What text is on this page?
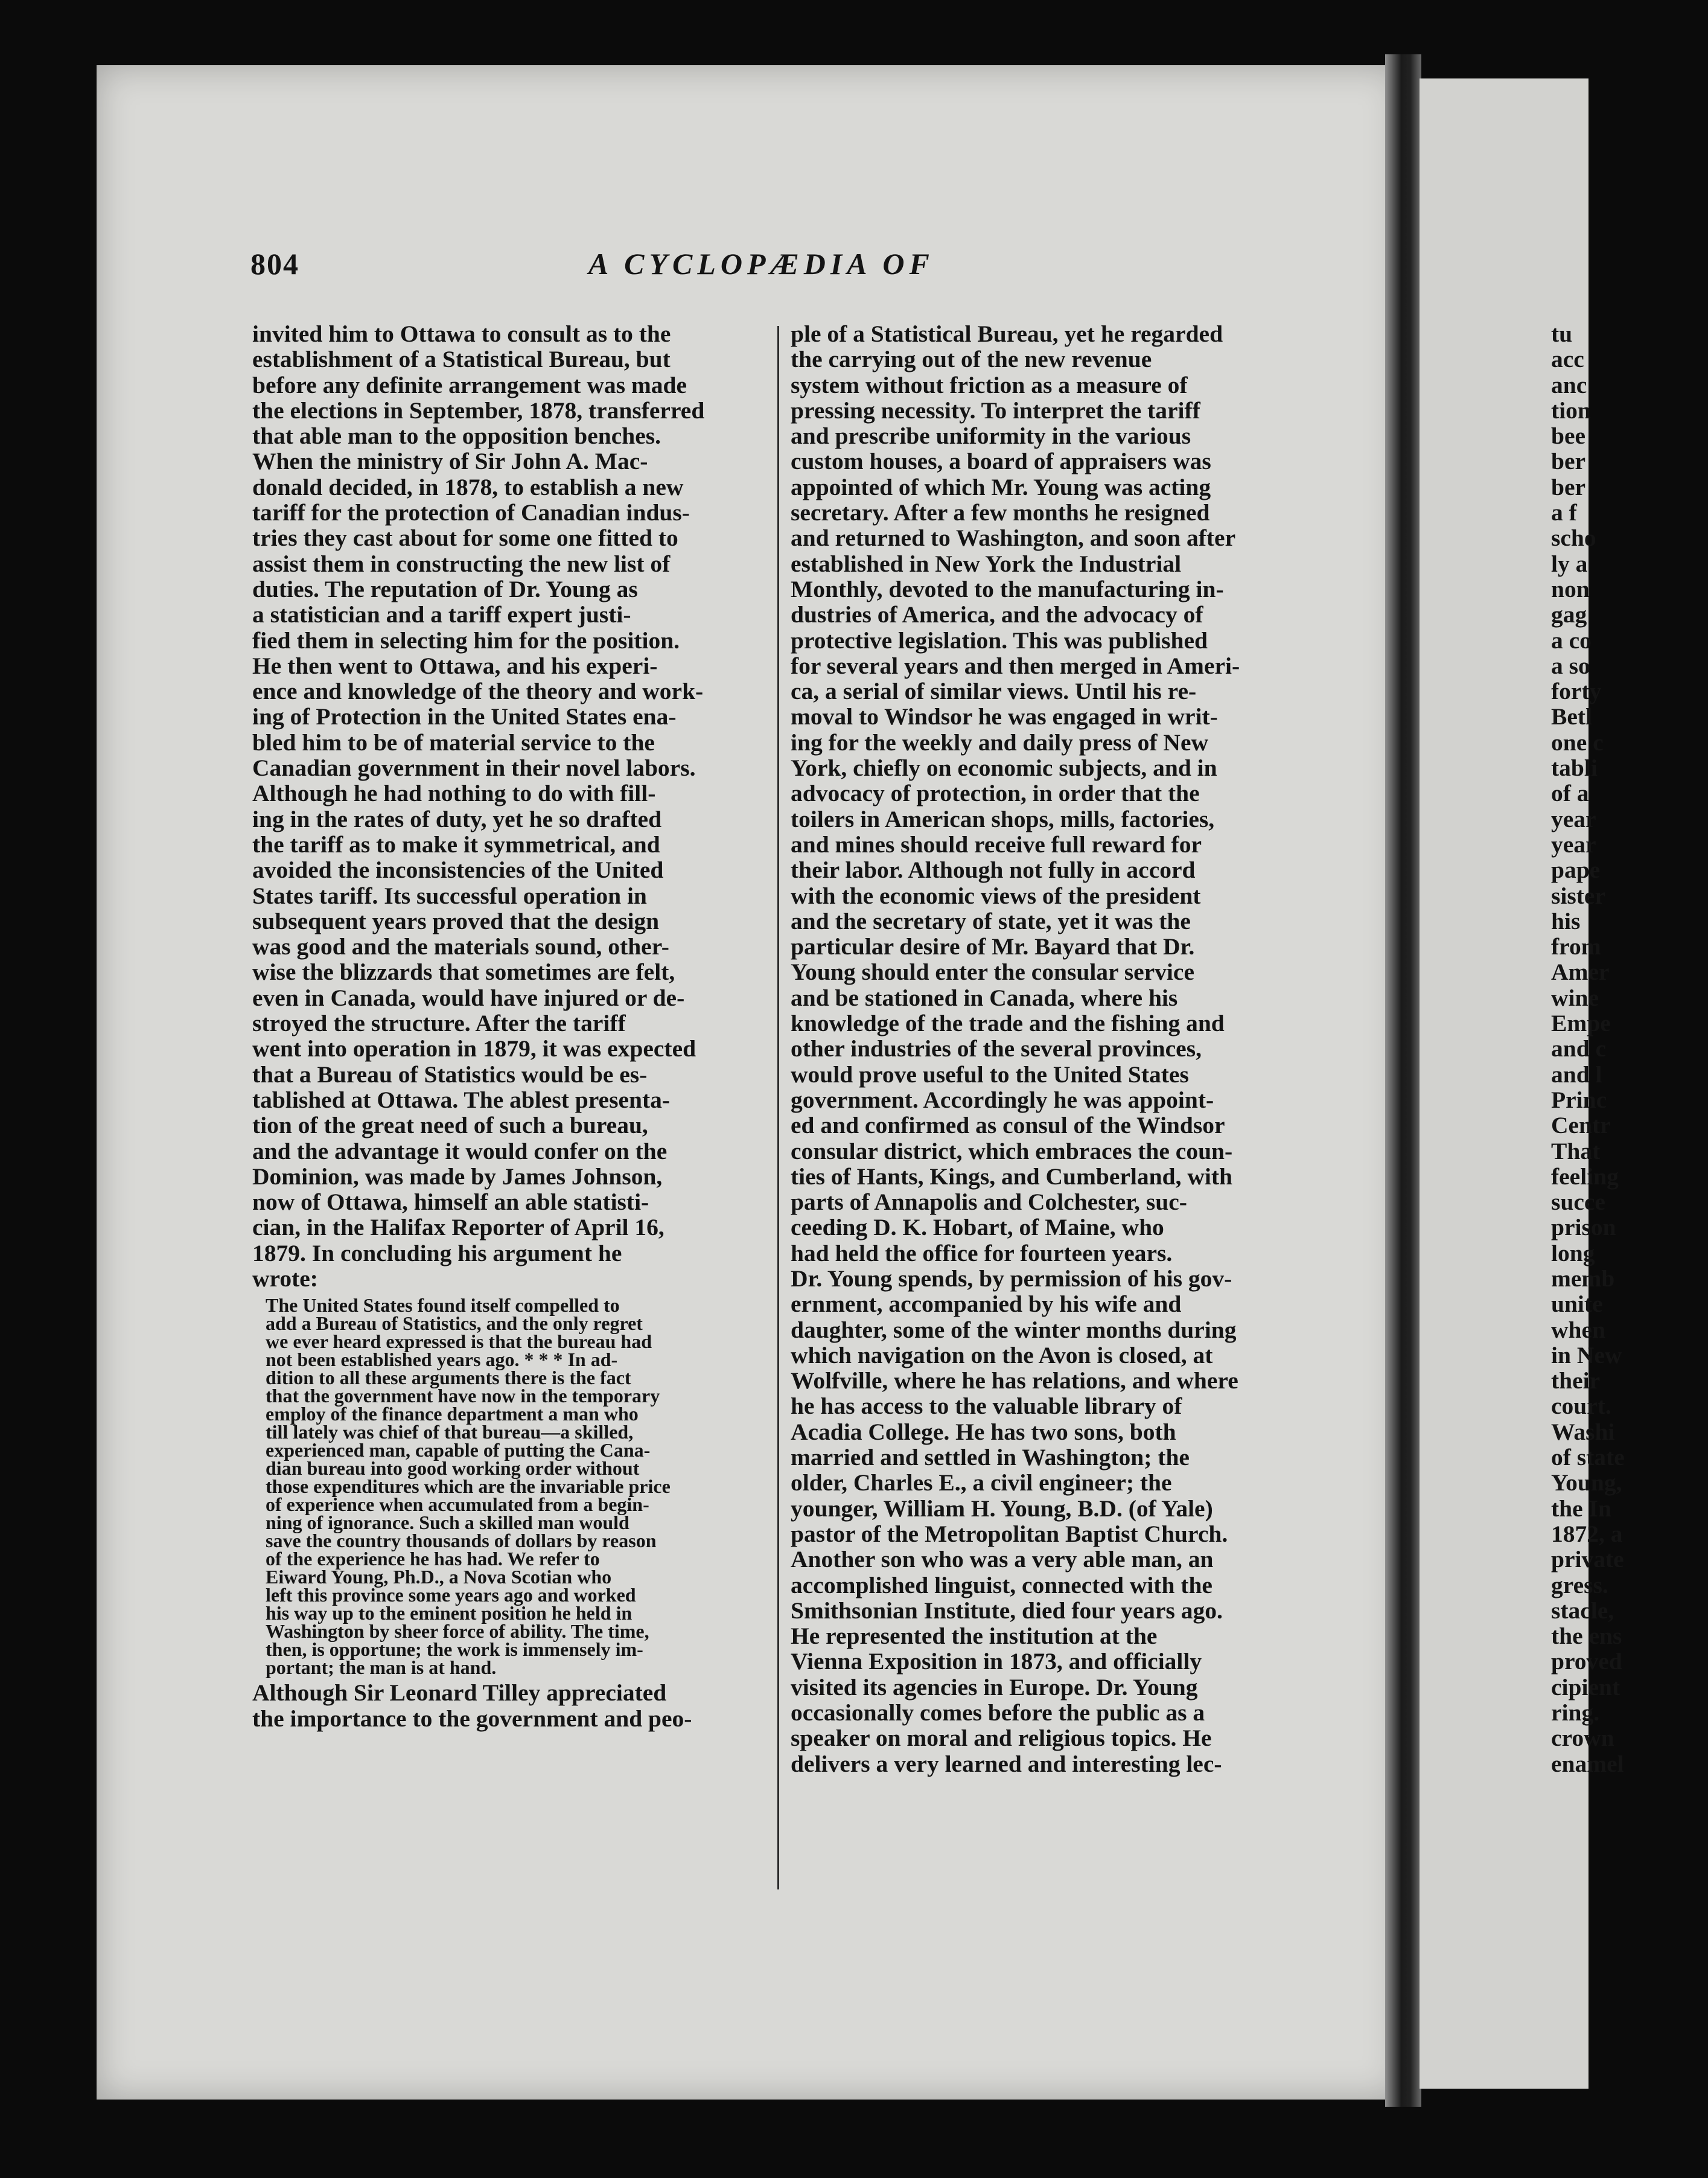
804	A CYCLOPÆDIA OF
invited him to Ottawa to consult as to the
establishment of a Statistical Bureau, but
before any definite arrangement was made
the elections in September, 1878, transferred
that able man to the opposition benches.
When the ministry of Sir John A. Mac-
donald decided, in 1878, to establish a new
tariff for the protection of Canadian indus-
tries they cast about for some one fitted to
assist them in constructing the new list of
duties. The reputation of Dr. Young as
a statistician and a tariff expert justi-
fied them in selecting him for the position.
He then went to Ottawa, and his experi-
ence and knowledge of the theory and work-
ing of Protection in the United States ena-
bled him to be of material service to the
Canadian government in their novel labors.
Although he had nothing to do with fill-
ing in the rates of duty, yet he so drafted
the tariff as to make it symmetrical, and
avoided the inconsistencies of the United
States tariff. Its successful operation in
subsequent years proved that the design
was good and the materials sound, other-
wise the blizzards that sometimes are felt,
even in Canada, would have injured or de-
stroyed the structure. After the tariff
went into operation in 1879, it was expected
that a Bureau of Statistics would be es-
tablished at Ottawa. The ablest presenta-
tion of the great need of such a bureau,
and the advantage it would confer on the
Dominion, was made by James Johnson,
now of Ottawa, himself an able statisti-
cian, in the Halifax Reporter of April 16,
1879. In concluding his argument he
wrote:
The United States found itself compelled to
add a Bureau of Statistics, and the only regret
we ever heard expressed is that the bureau had
not been established years ago. * * * In ad-
dition to all these arguments there is the fact
that the government have now in the temporary
employ of the finance department a man who
till lately was chief of that bureau—a skilled,
experienced man, capable of putting the Cana-
dian bureau into good working order without
those expenditures which are the invariable price
of experience when accumulated from a begin-
ning of ignorance. Such a skilled man would
save the country thousands of dollars by reason
of the experience he has had. We refer to
Eiward Young, Ph.D., a Nova Scotian who
left this province some years ago and worked
his way up to the eminent position he held in
Washington by sheer force of ability. The time,
then, is opportune; the work is immensely im-
portant; the man is at hand.
Although Sir Leonard Tilley appreciated
the importance to the government and peo-
ple of a Statistical Bureau, yet he regarded
the carrying out of the new revenue
system without friction as a measure of
pressing necessity. To interpret the tariff
and prescribe uniformity in the various
custom houses, a board of appraisers was
appointed of which Mr. Young was acting
secretary. After a few months he resigned
and returned to Washington, and soon after
established in New York the Industrial
Monthly, devoted to the manufacturing in-
dustries of America, and the advocacy of
protective legislation. This was published
for several years and then merged in Ameri-
ca, a serial of similar views. Until his re-
moval to Windsor he was engaged in writ-
ing for the weekly and daily press of New
York, chiefly on economic subjects, and in
advocacy of protection, in order that the
toilers in American shops, mills, factories,
and mines should receive full reward for
their labor. Although not fully in accord
with the economic views of the president
and the secretary of state, yet it was the
particular desire of Mr. Bayard that Dr.
Young should enter the consular service
and be stationed in Canada, where his
knowledge of the trade and the fishing and
other industries of the several provinces,
would prove useful to the United States
government. Accordingly he was appoint-
ed and confirmed as consul of the Windsor
consular district, which embraces the coun-
ties of Hants, Kings, and Cumberland, with
parts of Annapolis and Colchester, suc-
ceeding D. K. Hobart, of Maine, who
had held the office for fourteen years.
Dr. Young spends, by permission of his gov-
ernment, accompanied by his wife and
daughter, some of the winter months during
which navigation on the Avon is closed, at
Wolfville, where he has relations, and where
he has access to the valuable library of
Acadia College. He has two sons, both
married and settled in Washington; the
older, Charles E., a civil engineer; the
younger, William H. Young, B.D. (of Yale)
pastor of the Metropolitan Baptist Church.
Another son who was a very able man, an
accomplished linguist, connected with the
Smithsonian Institute, died four years ago.
He represented the institution at the
Vienna Exposition in 1873, and officially
visited its agencies in Europe. Dr. Young
occasionally comes before the public as a
speaker on moral and religious topics. He
delivers a very learned and interesting lec-
tu
acc
anc
tion
bee
ber
ber
a f
scho
ly a
non
gag
a co
a so
forty
Betl
one c
tabli
of a
year
year
pape
sister
his
from
Amer
wine
Empe
and c
and l
Princ
Centr
That
feeling
succe
prison
long
memb
unite
when
in New
their
court.
Washi
of state
Young,
the In
1872, a
private
gress.
stacle,
the ens
proved
cipient
ring.
crown
enamel
